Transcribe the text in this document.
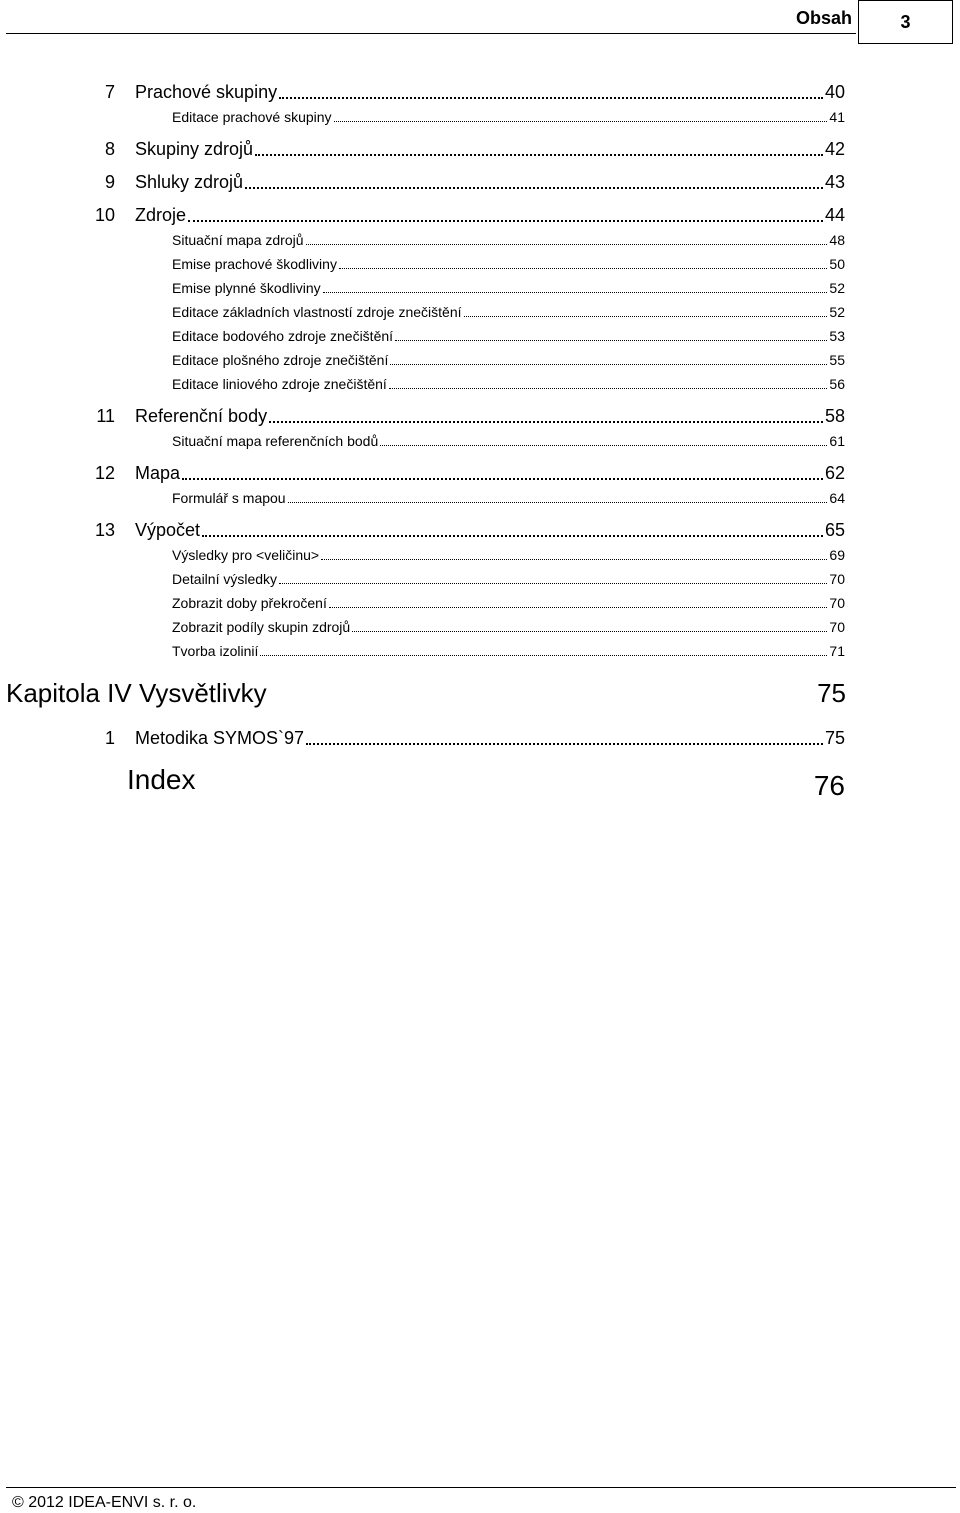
Obsah	3
7 Prachové skupiny	40
Editace prachové skupiny	41
8 Skupiny zdrojů	42
9 Shluky zdrojů	43
10 Zdroje	44
Situační mapa zdrojů	48
Emise prachové škodliviny	50
Emise plynné škodliviny	52
Editace základních vlastností zdroje znečištění	52
Editace bodového zdroje znečištění	53
Editace plošného zdroje znečištění	55
Editace liniového zdroje znečištění	56
11 Referenční body	58
Situační mapa referenčních bodů	61
12 Mapa	62
Formulář s mapou	64
13 Výpočet	65
Výsledky pro <veličinu>	69
Detailní výsledky	70
Zobrazit doby překročení	70
Zobrazit podíly skupin zdrojů	70
Tvorba izolinií	71
Kapitola IV Vysvětlivky	75
1 Metodika SYMOS`97	75
Index	76
© 2012 IDEA-ENVI s. r. o.
